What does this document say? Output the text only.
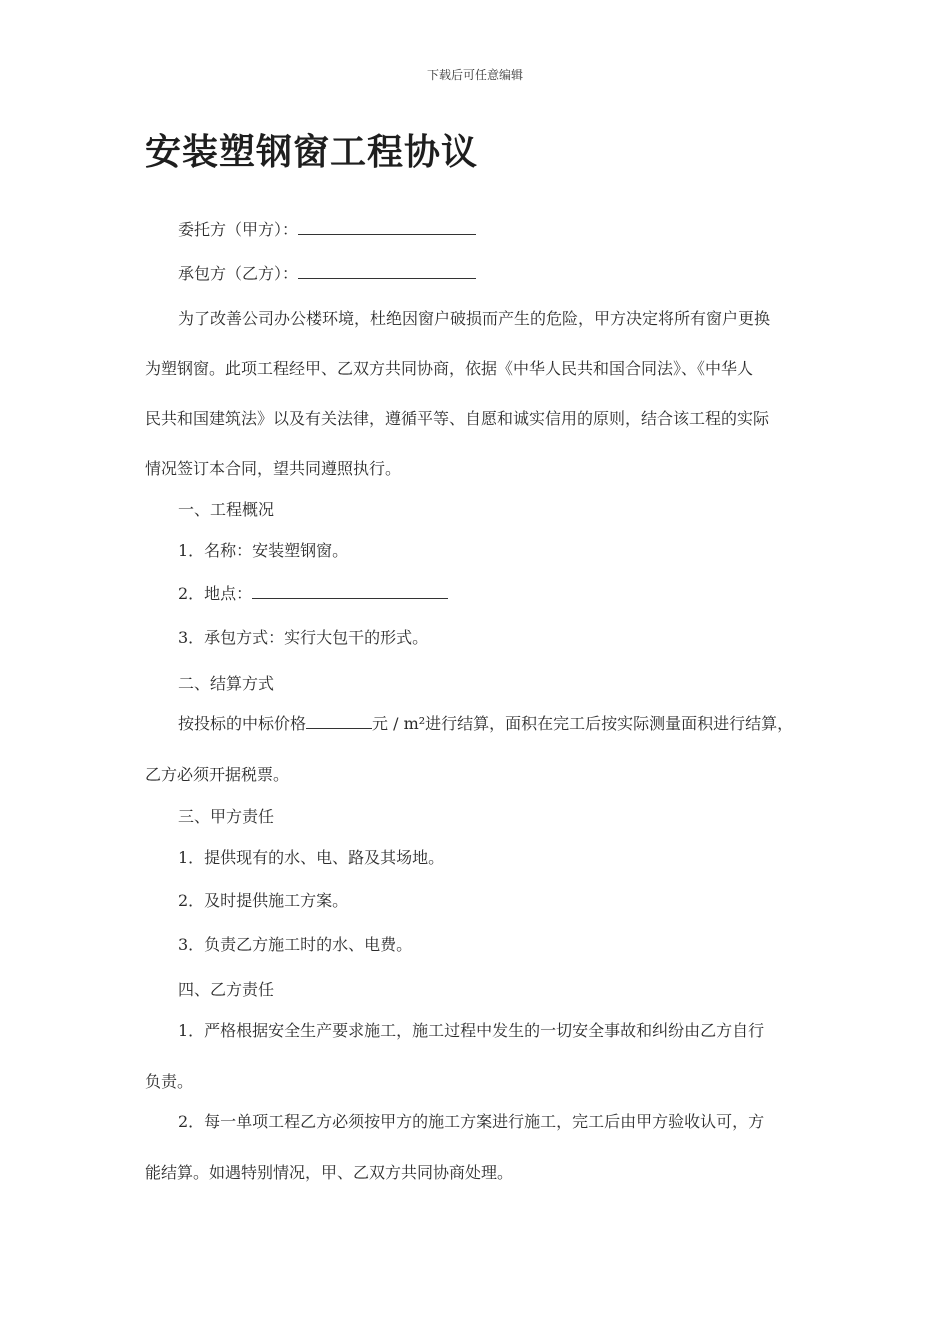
下载后可任意编辑
安装塑钢窗工程协议
委托方（甲方）：
承包方（乙方）：
为了改善公司办公楼环境，杜绝因窗户破损而产生的危险，甲方决定将所有窗户更换
为塑钢窗。此项工程经甲、乙双方共同协商，依据《中华人民共和国合同法》、《中华人
民共和国建筑法》以及有关法律，遵循平等、自愿和诚实信用的原则，结合该工程的实际
情况签订本合同，望共同遵照执行。
一、工程概况
1．名称：安装塑钢窗。
2．地点：
3．承包方式：实行大包干的形式。
二、结算方式
按投标的中标价格	元 / m²进行结算，面积在完工后按实际测量面积进行结算，
乙方必须开据税票。
三、甲方责任
1．提供现有的水、电、路及其场地。
2．及时提供施工方案。
3．负责乙方施工时的水、电费。
四、乙方责任
1．严格根据安全生产要求施工，施工过程中发生的一切安全事故和纠纷由乙方自行
负责。
2．每一单项工程乙方必须按甲方的施工方案进行施工，完工后由甲方验收认可，方
能结算。如遇特别情况，甲、乙双方共同协商处理。
